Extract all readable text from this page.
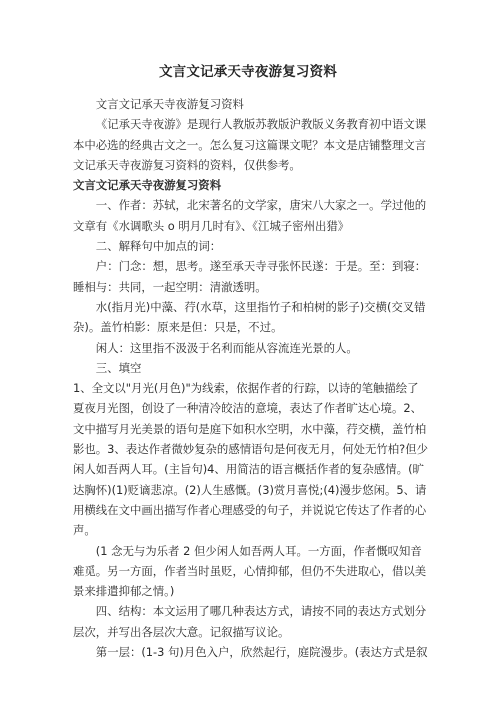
文言文记承天寺夜游复习资料

文言文记承天寺夜游复习资料

《记承天寺夜游》是现行人教版苏教版沪教版义务教育初中语文课本中必选的经典古文之一。怎么复习这篇课文呢？本文是店铺整理文言文记承天寺夜游复习资料的资料，仅供参考。

文言文记承天寺夜游复习资料

一、作者：苏轼，北宋著名的文学家，唐宋八大家之一。学过他的文章有《水调歌头 o 明月几时有》、《江城子密州出猎》

二、解释句中加点的词：

户：门念：想，思考。遂至承天寺寻张怀民遂：于是。至：到寝：睡相与：共同，一起空明：清澈透明。

水(指月光)中藻、荇(水草，这里指竹子和柏树的影子)交横(交叉错杂)。盖竹柏影：原来是但：只是，不过。

闲人：这里指不汲汲于名利而能从容流连光景的人。

三、填空

1、全文以"月光(月色)"为线索，依据作者的行踪，以诗的笔触描绘了夏夜月光图，创设了一种清冷皎洁的意境，表达了作者旷达心境。2、文中描写月光美景的语句是庭下如积水空明，水中藻，荇交横，盖竹柏影也。3、表达作者微妙复杂的感情语句是何夜无月，何处无竹柏?但少闲人如吾两人耳。(主旨句)4、用简洁的语言概括作者的复杂感情。(旷达胸怀)(1)贬谪悲凉。(2)人生感慨。(3)赏月喜悦;(4)漫步悠闲。5、请用横线在文中画出描写作者心理感受的句子，并说说它传达了作者的心声。

(1 念无与为乐者 2 但少闲人如吾两人耳。一方面，作者慨叹知音难觅。另一方面，作者当时虽贬，心情抑郁，但仍不失进取心，借以美景来排遣抑郁之情。)

四、结构：本文运用了哪几种表达方式，请按不同的表达方式划分层次，并写出各层次大意。记叙描写议论。

第一层：(1-3 句)月色入户，欣然起行，庭院漫步。(表达方式是叙
